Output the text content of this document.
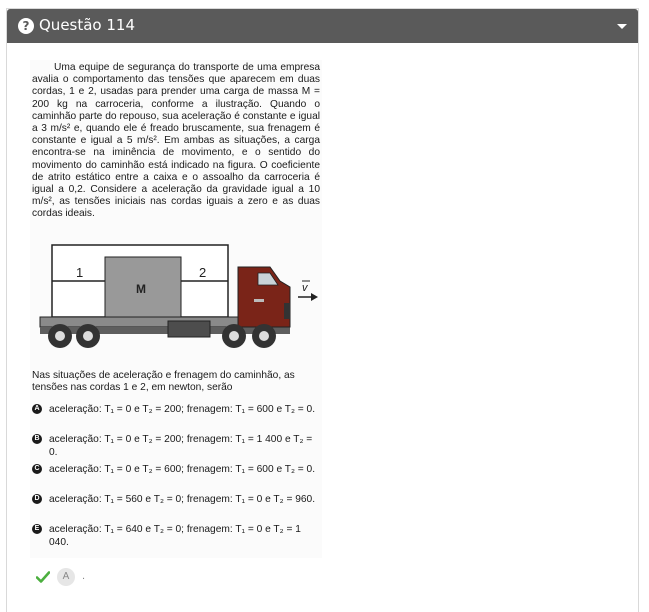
? Questão 114
Uma equipe de segurança do transporte de uma empresa avalia o comportamento das tensões que aparecem em duas cordas, 1 e 2, usadas para prender uma carga de massa M = 200 kg na carroceria, conforme a ilustração. Quando o caminhão parte do repouso, sua aceleração é constante e igual a 3 m/s² e, quando ele é freado bruscamente, sua frenagem é constante e igual a 5 m/s². Em ambas as situações, a carga encontra-se na iminência de movimento, e o sentido do movimento do caminhão está indicado na figura. O coeficiente de atrito estático entre a caixa e o assoalho da carroceria é igual a 0,2. Considere a aceleração da gravidade igual a 10 m/s², as tensões iniciais nas cordas iguais a zero e as duas cordas ideais.
M
1	2
v
Nas situações de aceleração e frenagem do caminhão, as tensões nas cordas 1 e 2, em newton, serão
A aceleração: T₁ = 0 e T₂ = 200; frenagem: T₁ = 600 e T₂ = 0.
B aceleração: T₁ = 0 e T₂ = 200; frenagem: T₁ = 1 400 e T₂ = 0.
C aceleração: T₁ = 0 e T₂ = 600; frenagem: T₁ = 600 e T₂ = 0.
D aceleração: T₁ = 560 e T₂ = 0; frenagem: T₁ = 0 e T₂ = 960.
E aceleração: T₁ = 640 e T₂ = 0; frenagem: T₁ = 0 e T₂ = 1 040.
A	.
